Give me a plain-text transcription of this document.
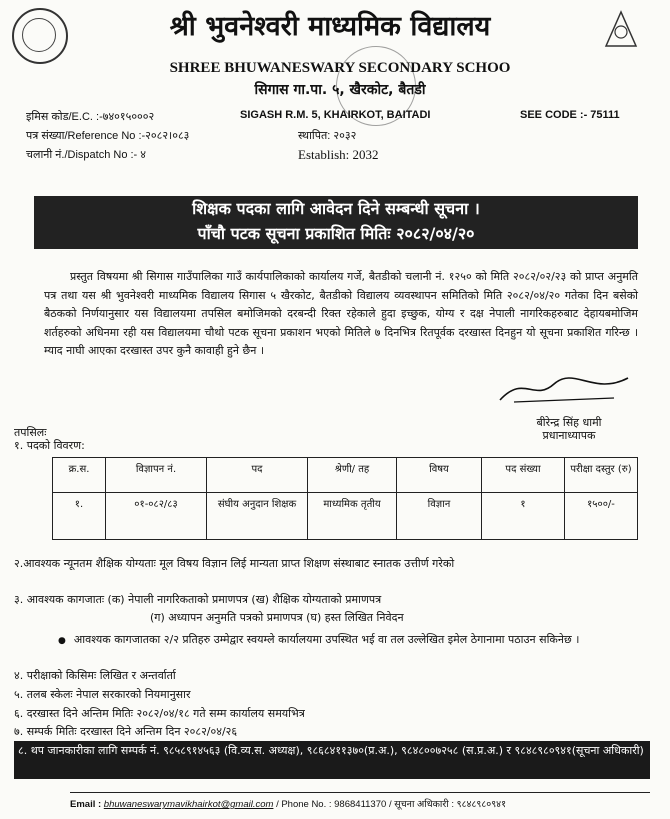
श्री भुवनेश्वरी माध्यमिक विद्यालय
SHREE BHUWANESWARY SECONDARY SCHOO
सिगास गा.पा. ५, खैरकोट, बैतडी
इमिस कोड/E.C. :-७४०१५०००२	SIGASH R.M. 5, KHAIRKOT, BAITADI	SEE CODE :- 75111
पत्र संख्या/Reference No :-२०८२।०८३	स्थापित: २०३२
चलानी नं./Dispatch No :- ४	Establish: 2032
शिक्षक पदका लागि आवेदन दिने सम्बन्धी सूचना ।
पाँचौ पटक सूचना प्रकाशित मितिः २०८२/०४/२०

प्रस्तुत विषयमा श्री सिगास गाउँपालिका गाउँ कार्यपालिकाको कार्यालय गर्जे, बैतडीको चलानी नं. १२५० को मिति २०८२/०२/२३ को प्राप्त अनुमति पत्र तथा यस श्री भुवनेश्वरी माध्यमिक विद्यालय सिगास ५ खैरकोट, बैतडीको विद्यालय व्यवस्थापन समितिको मिति २०८२/०४/२० गतेका दिन बसेको बैठकको निर्णयानुसार यस विद्यालयमा तपसिल बमोजिमको दरबन्दी रिक्त रहेकाले हुदा इच्छुक, योग्य र दक्ष नेपाली नागरिकहरुबाट देहायबमोजिम शर्तहरुको अधिनमा रही यस विद्यालयमा चौथो पटक सूचना प्रकाशन भएको मितिले ७ दिनभित्र रितपूर्वक दरखास्त दिनहुन यो सूचना प्रकाशित गरिन्छ । म्याद नाघी आएका दरखास्त उपर कुनै कावाही हुने छैन ।

बीरेन्द्र सिंह धामी
प्रधानाध्यापक
तपसिलः
१. पदको विवरण:
क्र.स.	विज्ञापन नं.	पद	श्रेणी/ तह	विषय	पद संख्या	परीक्षा दस्तुर (रु)
१.	०१-०८२/८३	संघीय अनुदान शिक्षक	माध्यमिक तृतीय	विज्ञान	१	१५००/-
२.आवश्यक न्यूनतम शैक्षिक योग्यताः मूल विषय विज्ञान लिई मान्यता प्राप्त शिक्षण संस्थाबाट स्नातक उत्तीर्ण गरेको
३. आवश्यक कागजातः (क) नेपाली नागरिकताको प्रमाणपत्र (ख) शैक्षिक योग्यताको प्रमाणपत्र
(ग) अध्यापन अनुमति पत्रको प्रमाणपत्र (घ) हस्त लिखित निवेदन
● आवश्यक कागजातका २/२ प्रतिहरु उम्मेद्वार स्वयम्ले कार्यालयमा उपस्थित भई वा तल उल्लेखित इमेल ठेगानामा पठाउन सकिनेछ ।
४. परीक्षाको किसिमः लिखित र अन्तर्वार्ता
५. तलब स्केलः नेपाल सरकारको नियमानुसार
६. दरखास्त दिने अन्तिम मितिः २०८२/०४/१८ गते सम्म कार्यालय समयभित्र
७. सम्पर्क मितिः दरखास्त दिने अन्तिम दिन २०८२/०४/२६
८. थप जानकारीका लागि सम्पर्क नं. ९८५८९१४५६३ (वि.व्य.स. अध्यक्ष), ९८६८४११३७०(प्र.अ.), ९८४८००७२५८ (स.प्र.अ.) र ९८४८९८०९४१(सूचना अधिकारी)
Email : bhuwaneswarymavikhairkot@gmail.com / Phone No. : 9868411370 / सूचना अधिकारी : ९८४८९८०९४१
